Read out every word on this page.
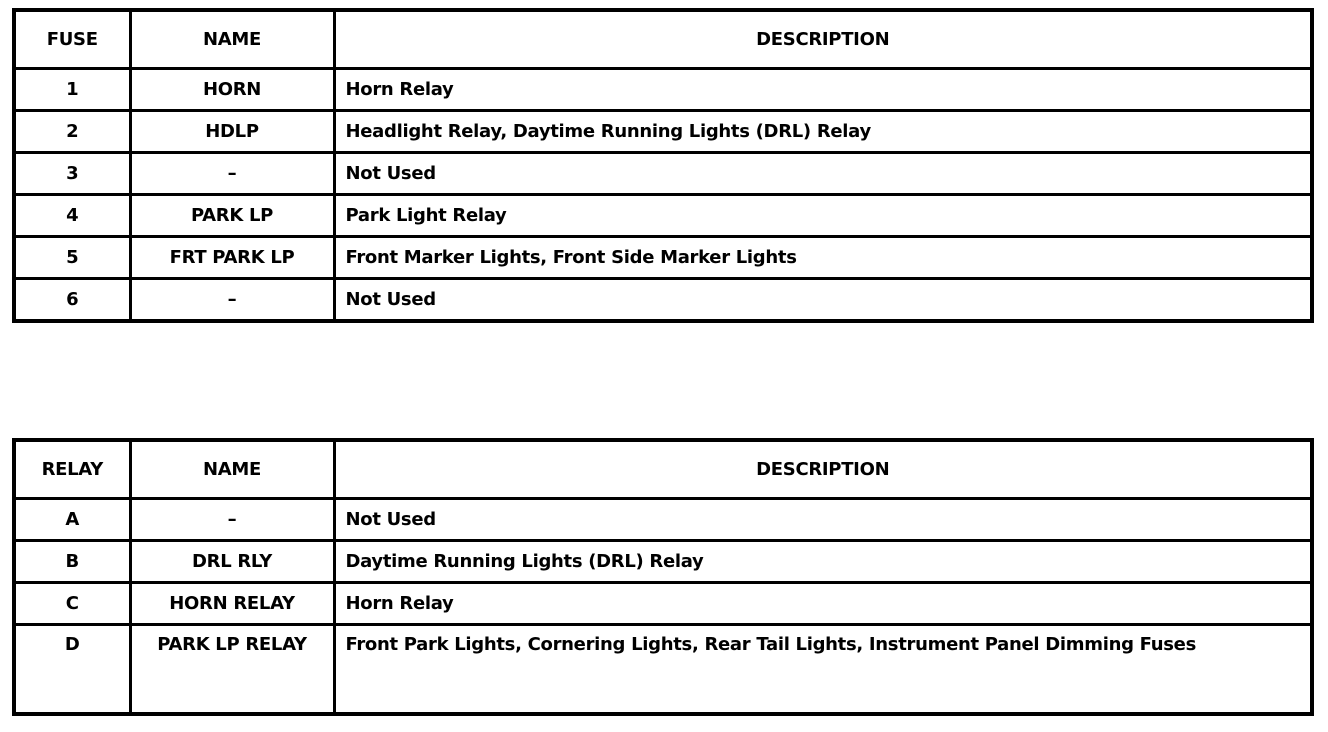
FUSE	NAME	DESCRIPTION
1	HORN	Horn Relay
2	HDLP	Headlight Relay, Daytime Running Lights (DRL) Relay
3	–	Not Used
4	PARK LP	Park Light Relay
5	FRT PARK LP	Front Marker Lights, Front Side Marker Lights
6	–	Not Used
RELAY	NAME	DESCRIPTION
A	–	Not Used
B	DRL RLY	Daytime Running Lights (DRL) Relay
C	HORN RELAY	Horn Relay
D	PARK LP RELAY	Front Park Lights, Cornering Lights, Rear Tail Lights, Instrument Panel Dimming Fuses
